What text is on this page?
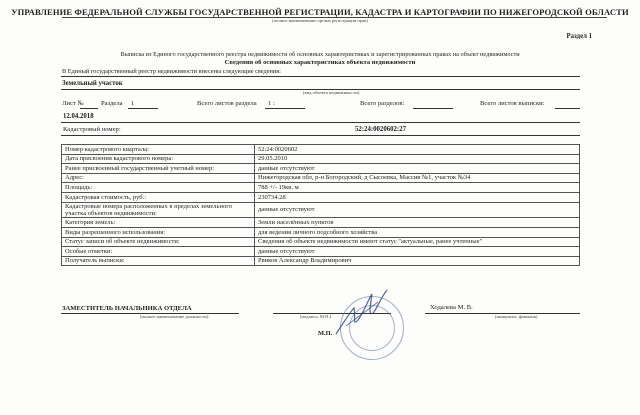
УПРАВЛЕНИЕ ФЕДЕРАЛЬНОЙ СЛУЖБЫ ГОСУДАРСТВЕННОЙ РЕГИСТРАЦИИ, КАДАСТРА И КАРТОГРАФИИ ПО НИЖЕГОРОДСКОЙ ОБЛАСТИ
(полное наименование органа регистрации прав)
Раздел 1
Выписка из Единого государственного реестра недвижимости об основных характеристиках и зарегистрированных правах на объект недвижимости
Сведения об основных характеристиках объекта недвижимости
В Единый государственный реестр недвижимости внесены следующие сведения:
Земельный участок
(вид объекта недвижимости)
Лист №	Раздела 1	Всего листов раздела 1 :	Всего разделов:	Всего листов выписки:
12.04.2018
Кадастровый номер:	52:24:0020602:27
Номер кадастрового квартала:	52:24:0020602
Дата присвоения кадастрового номера:	29.05.2010
Ранее присвоенный государственный учетный номер:	данные отсутствуют
Адрес:	Нижегородская обл, р-н Богородский, д Сысоевка, Массив №1, участок №34
Площадь:	788 +/- 19кв. м
Кадастровая стоимость, руб.:	230734.28
Кадастровые номера расположенных в пределах земельного участка объектов недвижимости:	данные отсутствуют
Категория земель:	Земли населённых пунктов
Виды разрешенного использования:	для ведения личного подсобного хозяйства
Статус записи об объекте недвижимости:	Сведения об объекте недвижимости имеют статус "актуальные, ранее учтенные"
Особые отметки:	данные отсутствуют
Получатель выписки:	Рвиков Александр Владимирович
ЗАМЕСТИТЕЛЬ НАЧАЛЬНИКА ОТДЕЛА
(полное наименование должности)	(подпись, М.П.)
Ходалева М. В.
(инициалы, фамилия)
М.П.
